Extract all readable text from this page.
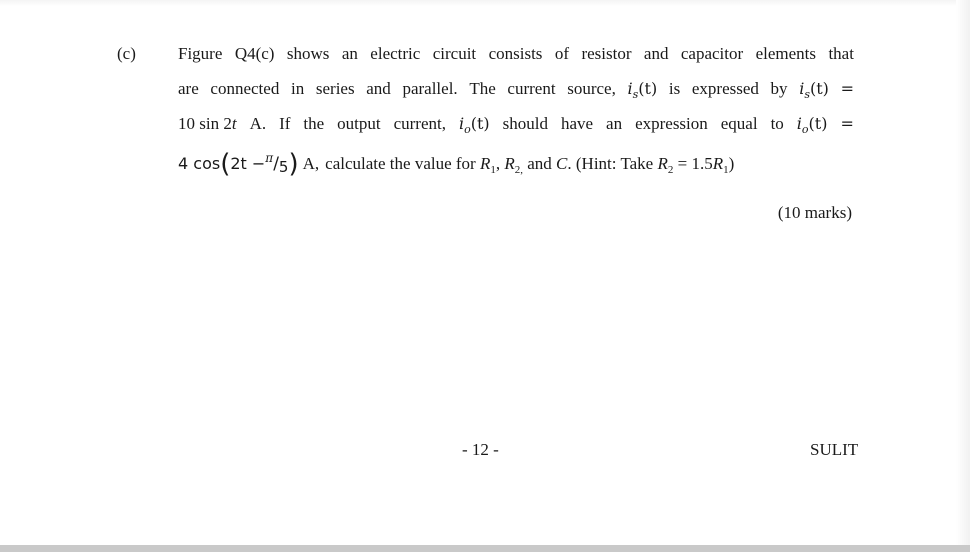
(c) Figure Q4(c) shows an electric circuit consists of resistor and capacitor elements that
are connected in series and parallel. The current source, $i_s(t)$ is expressed by $i_s(t)$ =
10 sin 2t A. If the output current, $i_o(t)$ should have an expression equal to $i_o(t)$ =
4 cos(2t −$^\pi$/5) A, calculate the value for $R_1$, $R_{2,}$ and C. (Hint: Take $R_2 = 1.5R_1$)
(10 marks)
- 12 -	SULIT
